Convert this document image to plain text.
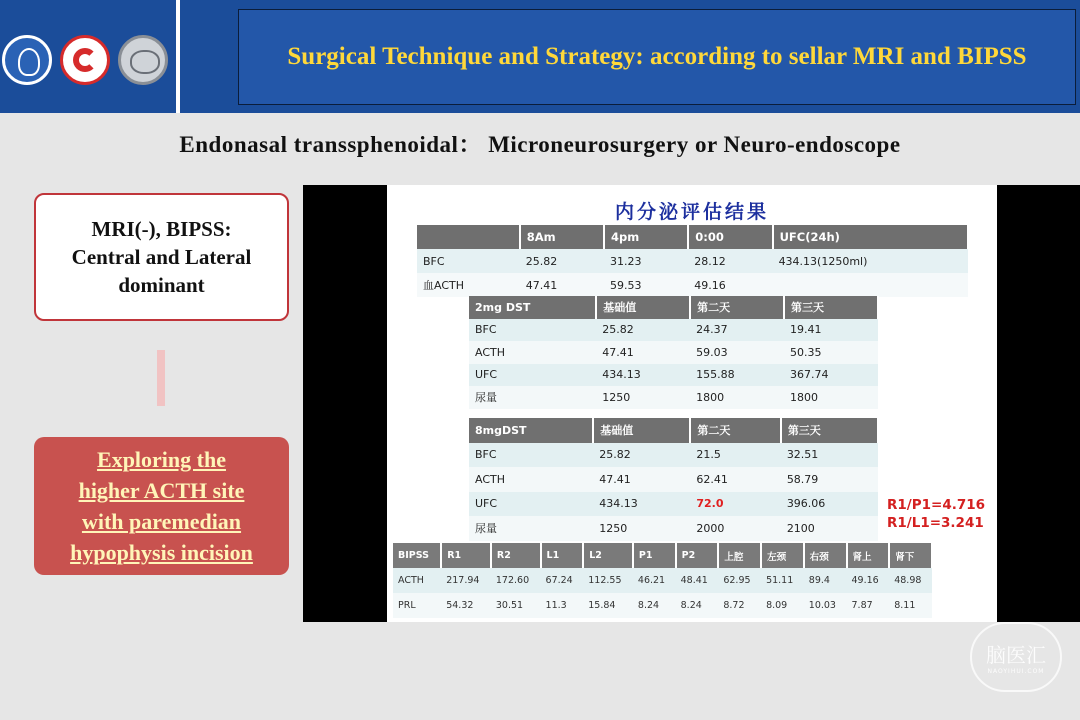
Surgical Technique and Strategy: according to sellar MRI and BIPSS
Endonasal transsphenoidal： Microneurosurgery or Neuro-endoscope
MRI(-), BIPSS:
Central and Lateral
dominant
Exploring the
higher ACTH site
with paremedian
hypophysis incision
内分泌评估结果
	8Am	4pm	0:00	UFC(24h)
BFC	25.82	31.23	28.12	434.13(1250ml)
血ACTH	47.41	59.53	49.16	
2mg DST	基础值	第二天	第三天
BFC	25.82	24.37	19.41
ACTH	47.41	59.03	50.35
UFC	434.13	155.88	367.74
尿量	1250	1800	1800
8mgDST	基础值	第二天	第三天
BFC	25.82	21.5	32.51
ACTH	47.41	62.41	58.79
UFC	434.13	72.0	396.06
尿量	1250	2000	2100
R1/P1=4.716
R1/L1=3.241
BIPSS	R1	R2	L1	L2	P1	P2	上腔	左颈	右颈	肾上	肾下
ACTH	217.94	172.60	67.24	112.55	46.21	48.41	62.95	51.11	89.4	49.16	48.98
PRL	54.32	30.51	11.3	15.84	8.24	8.24	8.72	8.09	10.03	7.87	8.11
脑医汇
NAOYIHUI.COM
